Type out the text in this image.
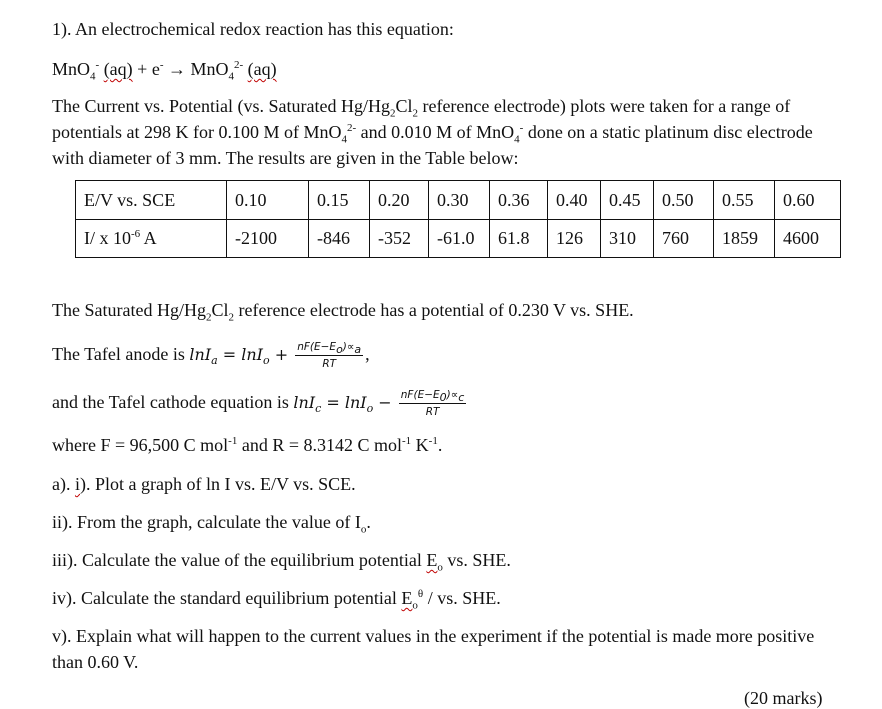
1). An electrochemical redox reaction has this equation:
MnO$_4$- (aq) + e- → MnO$_4^{2-}$ (aq)
The Current vs. Potential (vs. Saturated $Hg/Hg_2Cl_2$ reference electrode) plots were taken for a range of potentials at 298 K for 0.100 M of MnO$_4^{2-}$ and 0.010 M of MnO$_4$- done on a static platinum disc electrode with diameter of 3 mm. The results are given in the Table below:
E/V vs. SCE	0.10	0.15	0.20	0.30	0.36	0.40	0.45	0.50	0.55	0.60
I/ x $10^{-6}$ A	-2100	-846	-352	-61.0	61.8	126	310	760	1859	4600
The Saturated $Hg/Hg_2Cl_2$ reference electrode has a potential of 0.230 V vs. SHE.
The Tafel anode is $\ln I_a = \ln I_o + \frac{nF(E-E_o)\propto_a}{RT}$ ,
and the Tafel cathode equation is $\ln I_c = \ln I_o - \frac{nF(E-E_0)\propto_c}{RT}$
where F = 96,500 C mol$^{-1}$ and R = 8.3142 C mol$^{-1}$ $K^{-1}$.
a). i). Plot a graph of ln I vs. E/V vs. SCE.
ii). From the graph, calculate the value of $I_o$.
iii). Calculate the value of the equilibrium potential $E_o$ vs. SHE.
iv). Calculate the standard equilibrium potential $E_o^\theta$ / vs. SHE.
v). Explain what will happen to the current values in the experiment if the potential is made more positive than 0.60 V.
(20 marks)
